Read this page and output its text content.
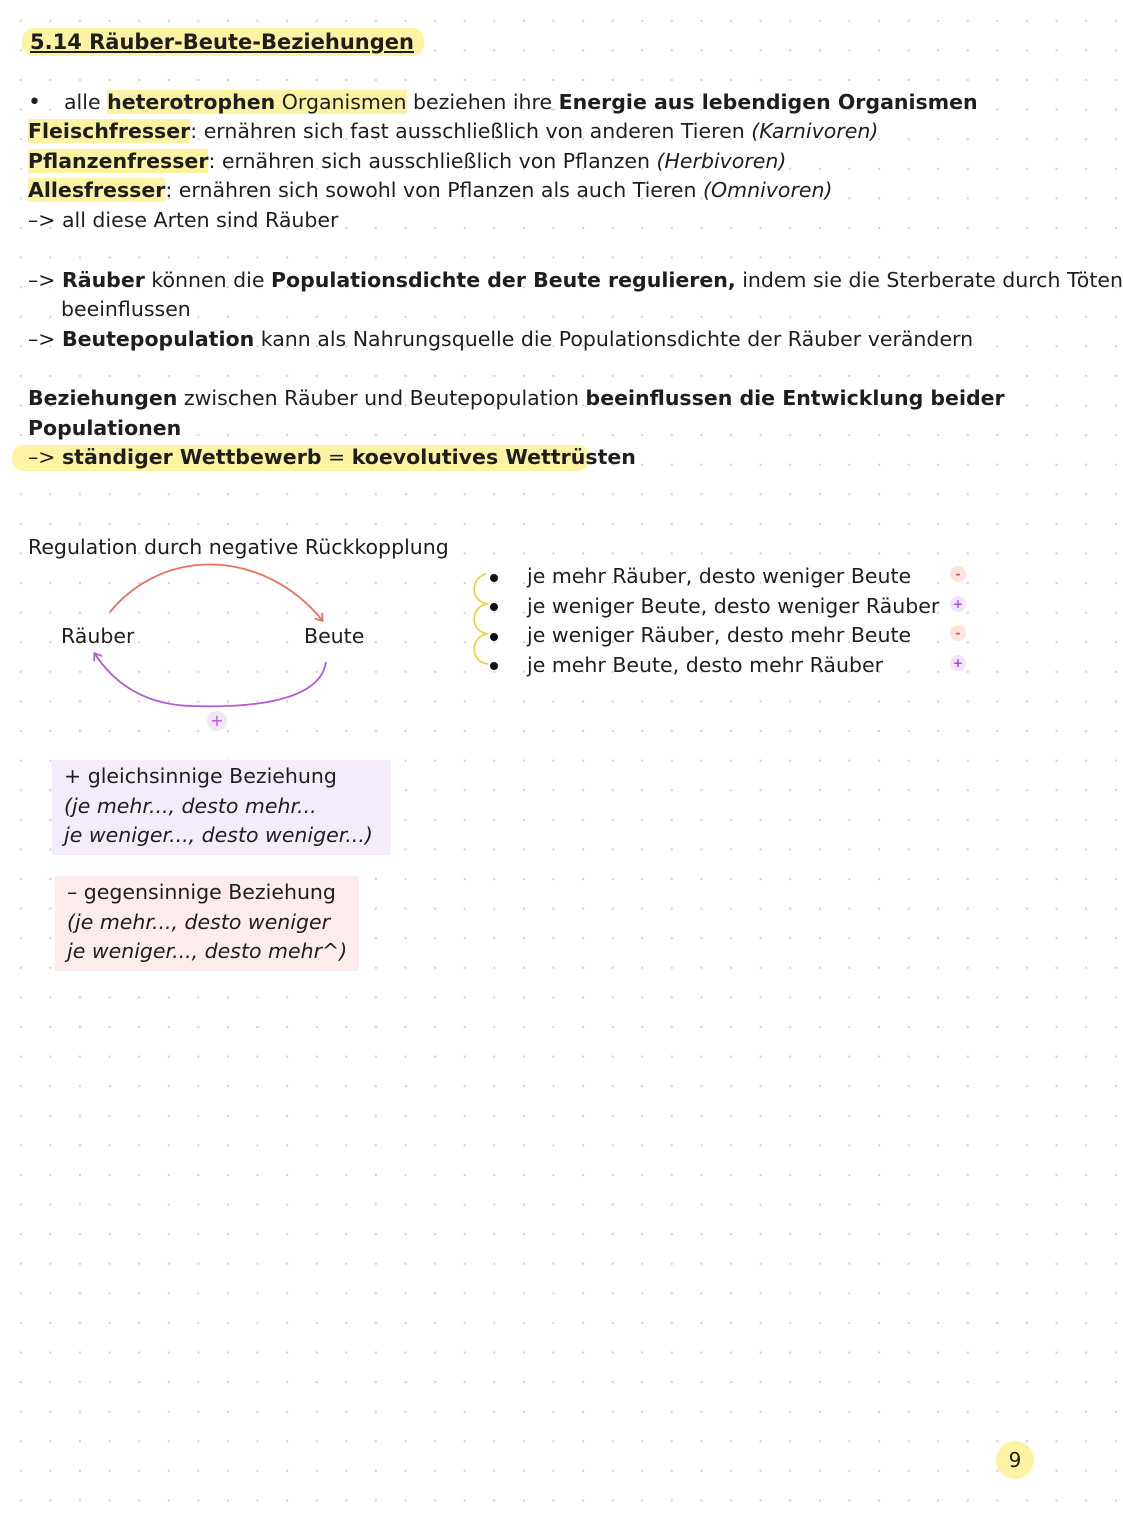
5.14 Räuber-Beute-Beziehungen
• alle heterotrophen Organismen beziehen ihre Energie aus lebendigen Organismen
Fleischfresser: ernähren sich fast ausschließlich von anderen Tieren (Karnivoren)
Pflanzenfresser: ernähren sich ausschließlich von Pflanzen (Herbivoren)
Allesfresser: ernähren sich sowohl von Pflanzen als auch Tieren (Omnivoren)
–> all diese Arten sind Räuber
–> Räuber können die Populationsdichte der Beute regulieren, indem sie die Sterberate durch Töten
beeinflussen
–> Beutepopulation kann als Nahrungsquelle die Populationsdichte der Räuber verändern
Beziehungen zwischen Räuber und Beutepopulation beeinflussen die Entwicklung beider
Populationen
–> ständiger Wettbewerb = koevolutives Wettrüsten
Regulation durch negative Rückkopplung
Räuber	Beute
+
je mehr Räuber, desto weniger Beute
je weniger Beute, desto weniger Räuber
je weniger Räuber, desto mehr Beute
je mehr Beute, desto mehr Räuber
-
+
-
+
+ gleichsinnige Beziehung
(je mehr..., desto mehr...
je weniger..., desto weniger...)
– gegensinnige Beziehung
(je mehr..., desto weniger
je weniger..., desto mehr^)
9
